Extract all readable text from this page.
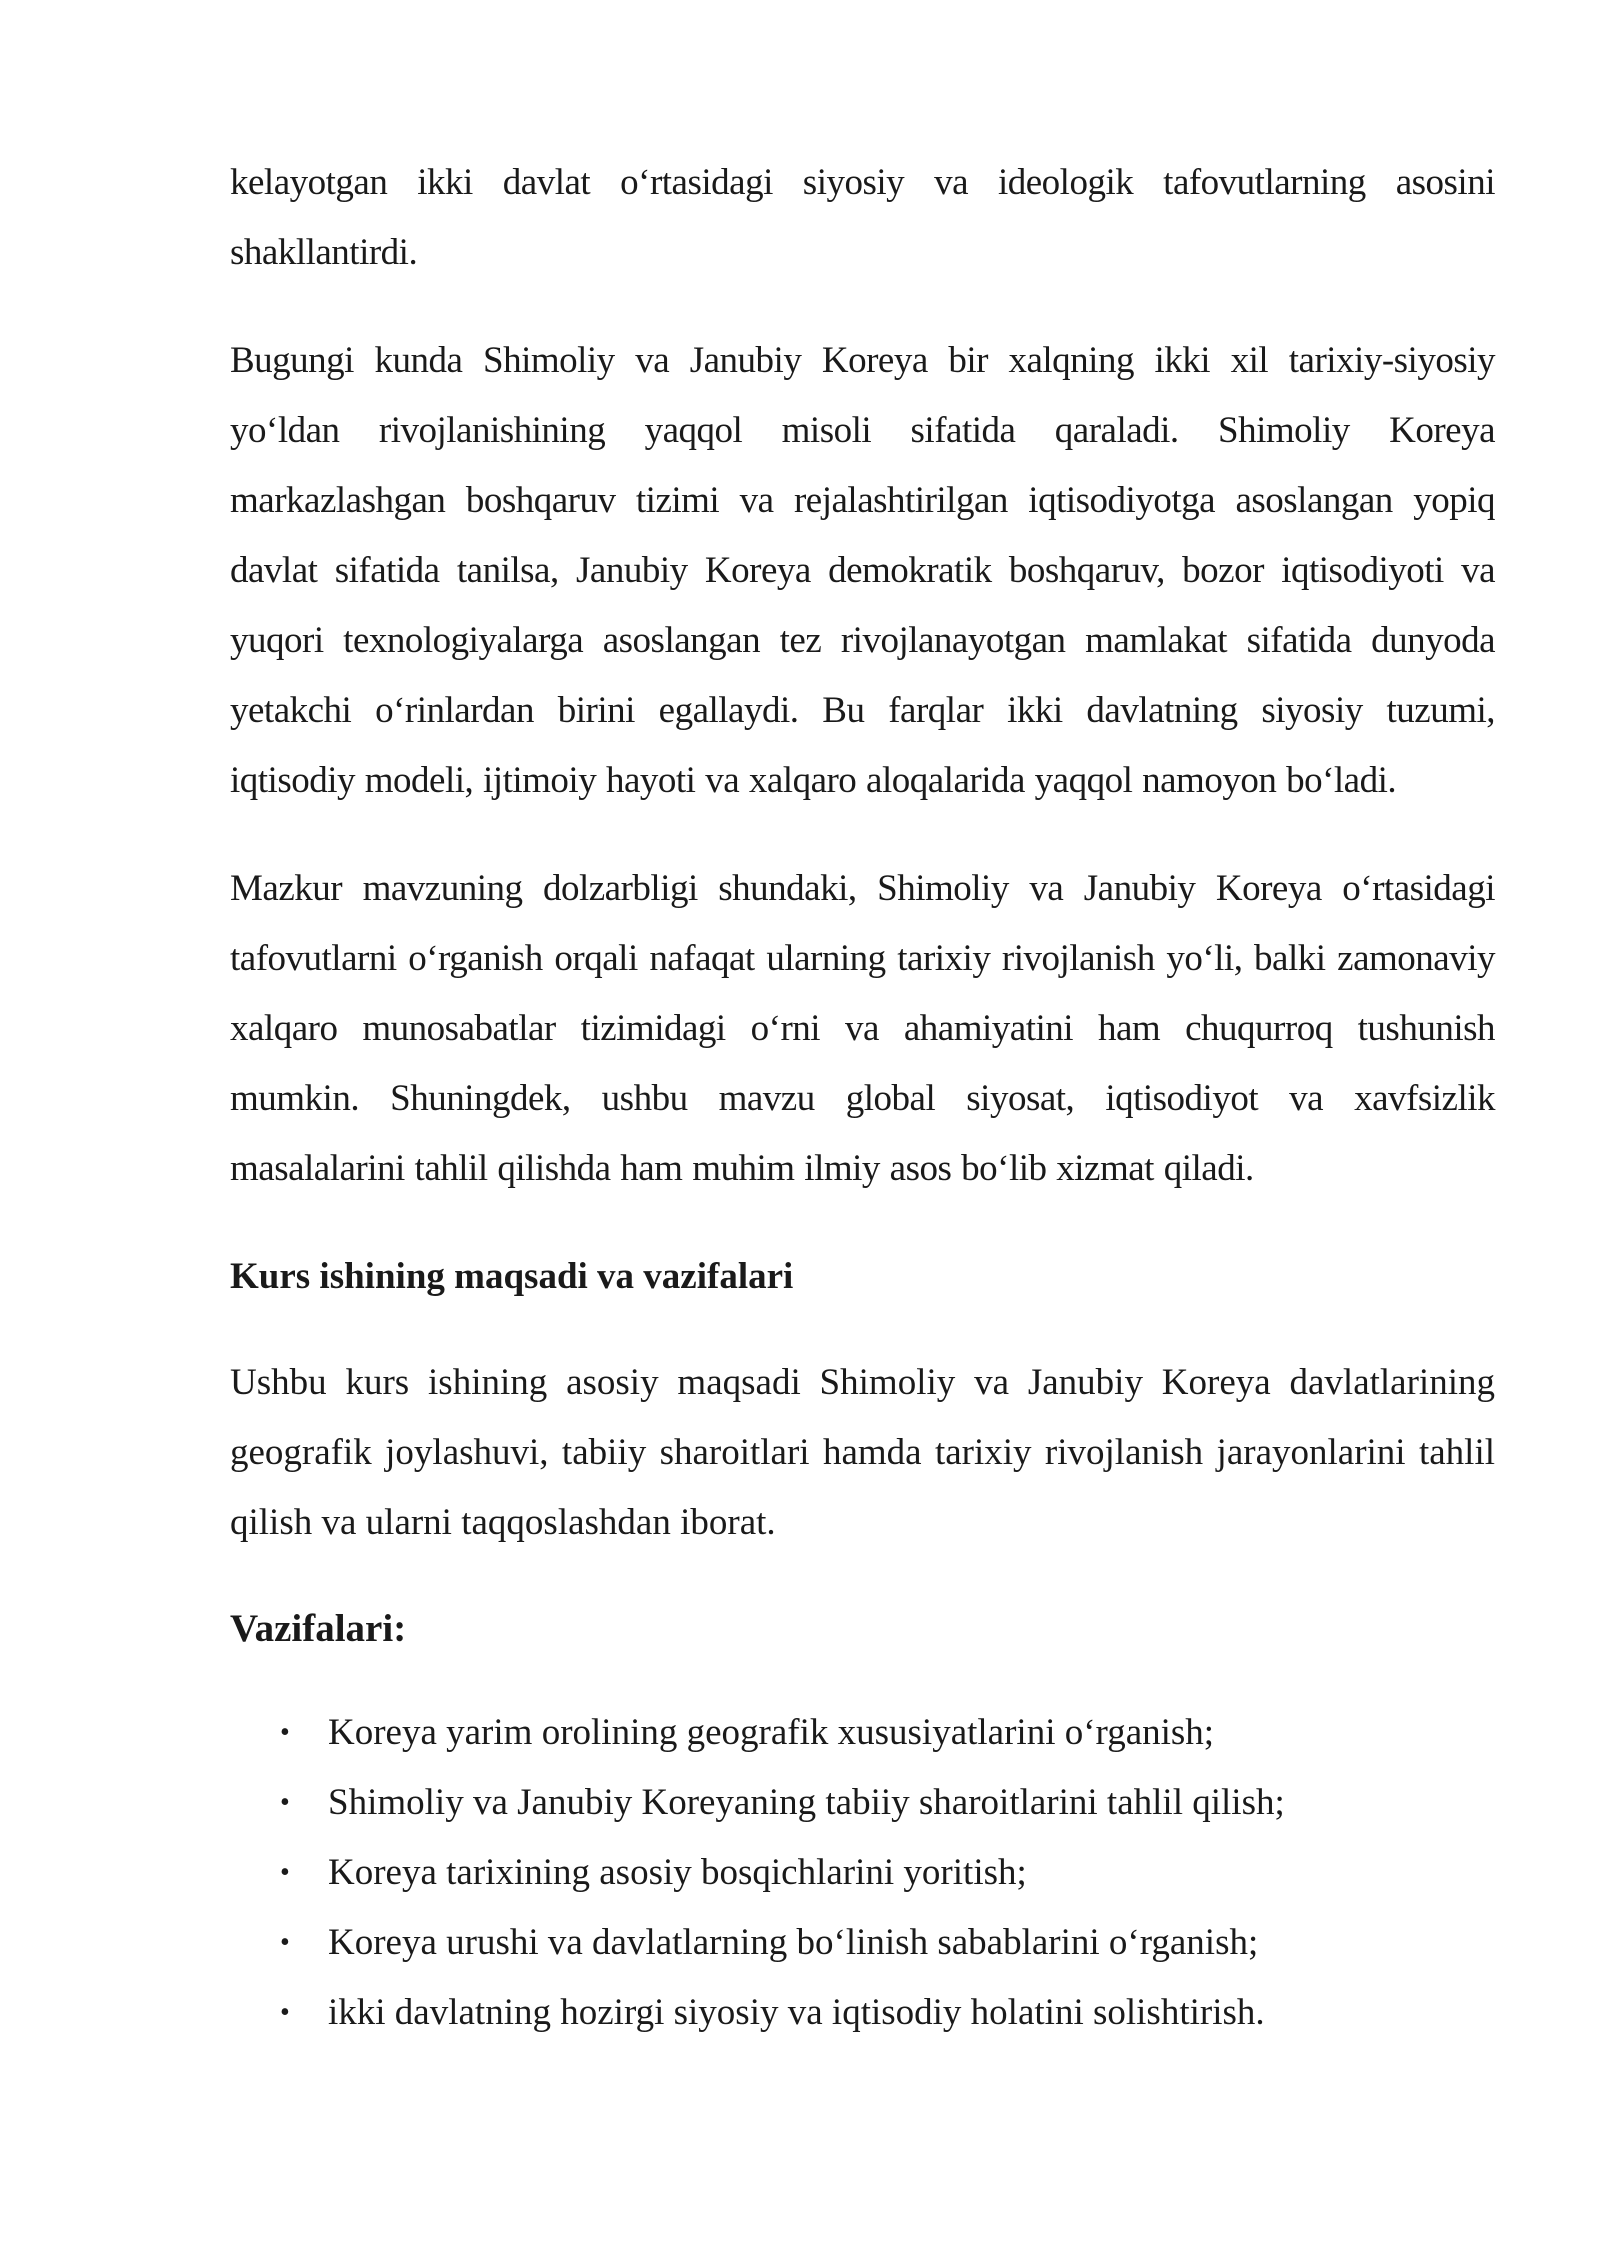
kelayotgan ikki davlat o‘rtasidagi siyosiy va ideologik tafovutlarning asosini shakllantirdi.

Bugungi kunda Shimoliy va Janubiy Koreya bir xalqning ikki xil tarixiy-siyosiy yo‘ldan rivojlanishining yaqqol misoli sifatida qaraladi. Shimoliy Koreya markazlashgan boshqaruv tizimi va rejalashtirilgan iqtisodiyotga asoslangan yopiq davlat sifatida tanilsa, Janubiy Koreya demokratik boshqaruv, bozor iqtisodiyoti va yuqori texnologiyalarga asoslangan tez rivojlanayotgan mamlakat sifatida dunyoda yetakchi o‘rinlardan birini egallaydi. Bu farqlar ikki davlatning siyosiy tuzumi, iqtisodiy modeli, ijtimoiy hayoti va xalqaro aloqalarida yaqqol namoyon bo‘ladi.

Mazkur mavzuning dolzarbligi shundaki, Shimoliy va Janubiy Koreya o‘rtasidagi tafovutlarni o‘rganish orqali nafaqat ularning tarixiy rivojlanish yo‘li, balki zamonaviy xalqaro munosabatlar tizimidagi o‘rni va ahamiyatini ham chuqurroq tushunish mumkin. Shuningdek, ushbu mavzu global siyosat, iqtisodiyot va xavfsizlik masalalarini tahlil qilishda ham muhim ilmiy asos bo‘lib xizmat qiladi.

Kurs ishining maqsadi va vazifalari

Ushbu kurs ishining asosiy maqsadi Shimoliy va Janubiy Koreya davlatlarining geografik joylashuvi, tabiiy sharoitlari hamda tarixiy rivojlanish jarayonlarini tahlil qilish va ularni taqqoslashdan iborat.

Vazifalari:
• Koreya yarim orolining geografik xususiyatlarini o‘rganish;
• Shimoliy va Janubiy Koreyaning tabiiy sharoitlarini tahlil qilish;
• Koreya tarixining asosiy bosqichlarini yoritish;
• Koreya urushi va davlatlarning bo‘linish sabablarini o‘rganish;
• ikki davlatning hozirgi siyosiy va iqtisodiy holatini solishtirish.
